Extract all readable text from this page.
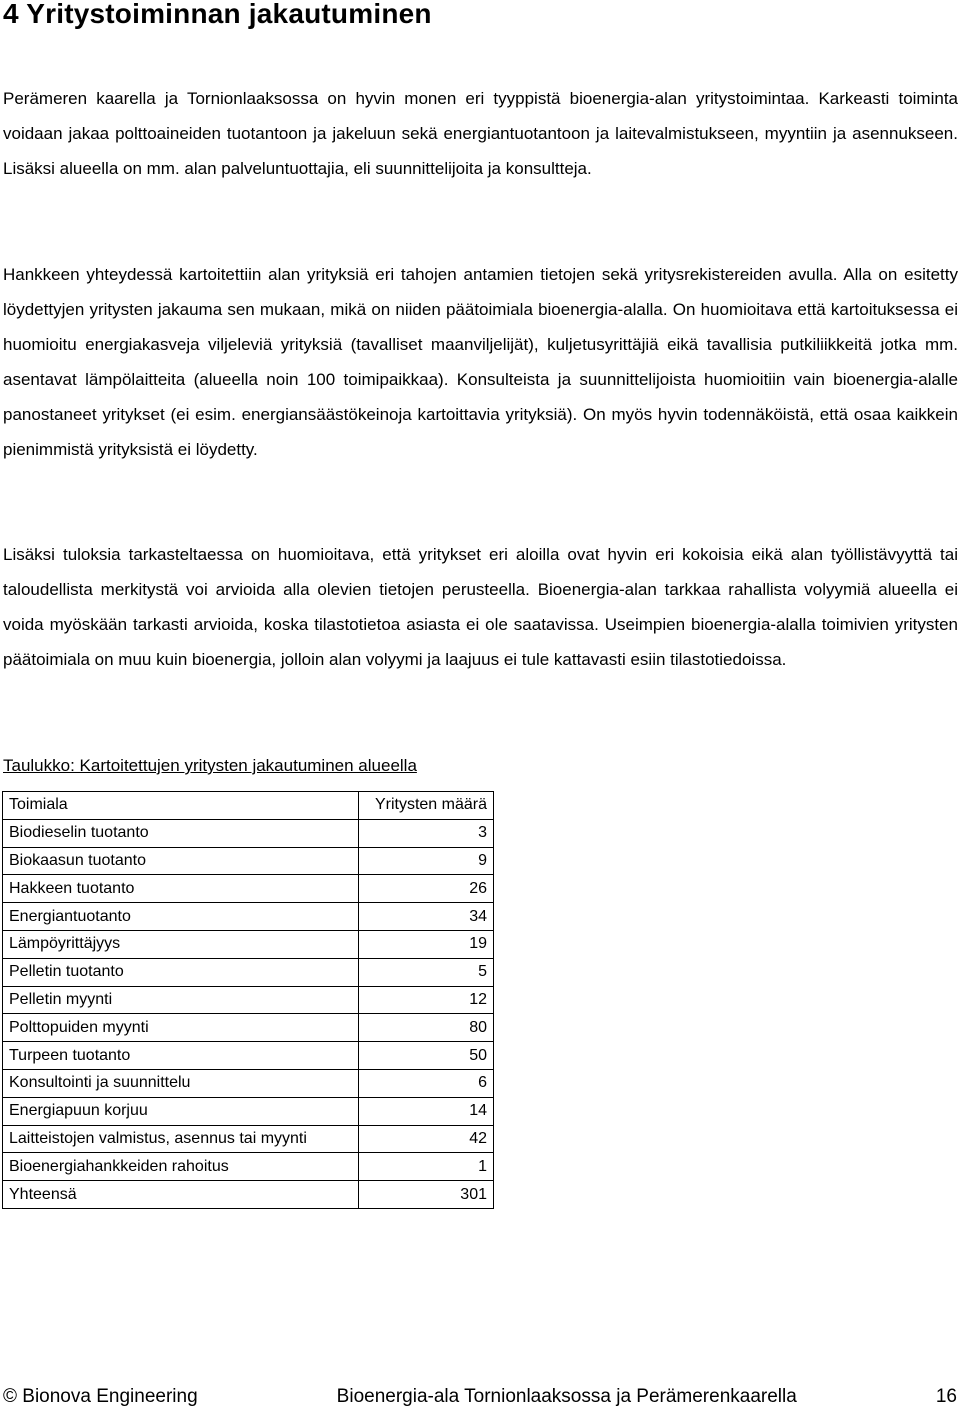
4 Yritystoiminnan jakautuminen

Perämeren kaarella ja Tornionlaaksossa on hyvin monen eri tyyppistä bioenergia-alan yritystoimintaa. Karkeasti toiminta voidaan jakaa polttoaineiden tuotantoon ja jakeluun sekä energiantuotantoon ja laitevalmistukseen, myyntiin ja asennukseen. Lisäksi alueella on mm. alan palveluntuottajia, eli suunnittelijoita ja konsultteja.

Hankkeen yhteydessä kartoitettiin alan yrityksiä eri tahojen antamien tietojen sekä yritysrekistereiden avulla. Alla on esitetty löydettyjen yritysten jakauma sen mukaan, mikä on niiden päätoimiala bioenergia-alalla. On huomioitava että kartoituksessa ei huomioitu energiakasveja viljeleviä yrityksiä (tavalliset maanviljelijät), kuljetusyrittäjiä eikä tavallisia putkiliikkeitä jotka mm. asentavat lämpölaitteita (alueella noin 100 toimipaikkaa). Konsulteista ja suunnittelijoista huomioitiin vain bioenergia-alalle panostaneet yritykset (ei esim. energiansäästökeinoja kartoittavia yrityksiä). On myös hyvin todennäköistä, että osaa kaikkein pienimmistä yrityksistä ei löydetty.

Lisäksi tuloksia tarkasteltaessa on huomioitava, että yritykset eri aloilla ovat hyvin eri kokoisia eikä alan työllistävyyttä tai taloudellista merkitystä voi arvioida alla olevien tietojen perusteella. Bioenergia-alan tarkkaa rahallista volyymiä alueella ei voida myöskään tarkasti arvioida, koska tilastotietoa asiasta ei ole saatavissa. Useimpien bioenergia-alalla toimivien yritysten päätoimiala on muu kuin bioenergia, jolloin alan volyymi ja laajuus ei tule kattavasti esiin tilastotiedoissa.

Taulukko: Kartoitettujen yritysten jakautuminen alueella

Toimiala	Yritysten määrä
Biodieselin tuotanto	3
Biokaasun tuotanto	9
Hakkeen tuotanto	26
Energiantuotanto	34
Lämpöyrittäjyys	19
Pelletin tuotanto	5
Pelletin myynti	12
Polttopuiden myynti	80
Turpeen tuotanto	50
Konsultointi ja suunnittelu	6
Energiapuun korjuu	14
Laitteistojen valmistus, asennus tai myynti	42
Bioenergiahankkeiden rahoitus	1
Yhteensä	301
© Bionova Engineering	Bioenergia-ala Tornionlaaksossa ja Perämerenkaarella	16
